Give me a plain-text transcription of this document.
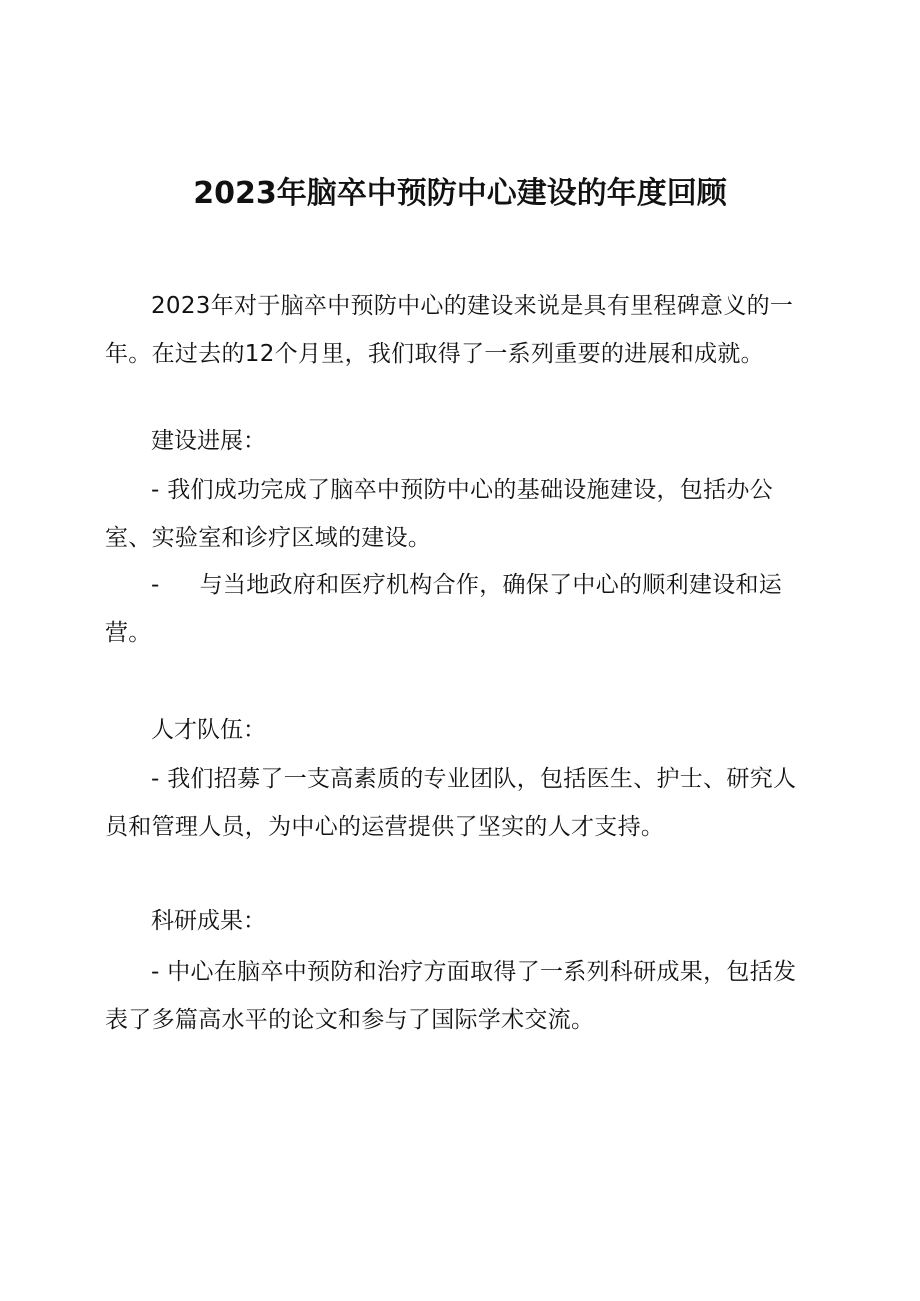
2023年脑卒中预防中心建设的年度回顾

2023年对于脑卒中预防中心的建设来说是具有里程碑意义的一年。在过去的12个月里，我们取得了一系列重要的进展和成就。

建设进展：

- 我们成功完成了脑卒中预防中心的基础设施建设，包括办公室、实验室和诊疗区域的建设。

- 与当地政府和医疗机构合作，确保了中心的顺利建设和运营。

人才队伍：

- 我们招募了一支高素质的专业团队，包括医生、护士、研究人员和管理人员，为中心的运营提供了坚实的人才支持。

科研成果：

- 中心在脑卒中预防和治疗方面取得了一系列科研成果，包括发表了多篇高水平的论文和参与了国际学术交流。
